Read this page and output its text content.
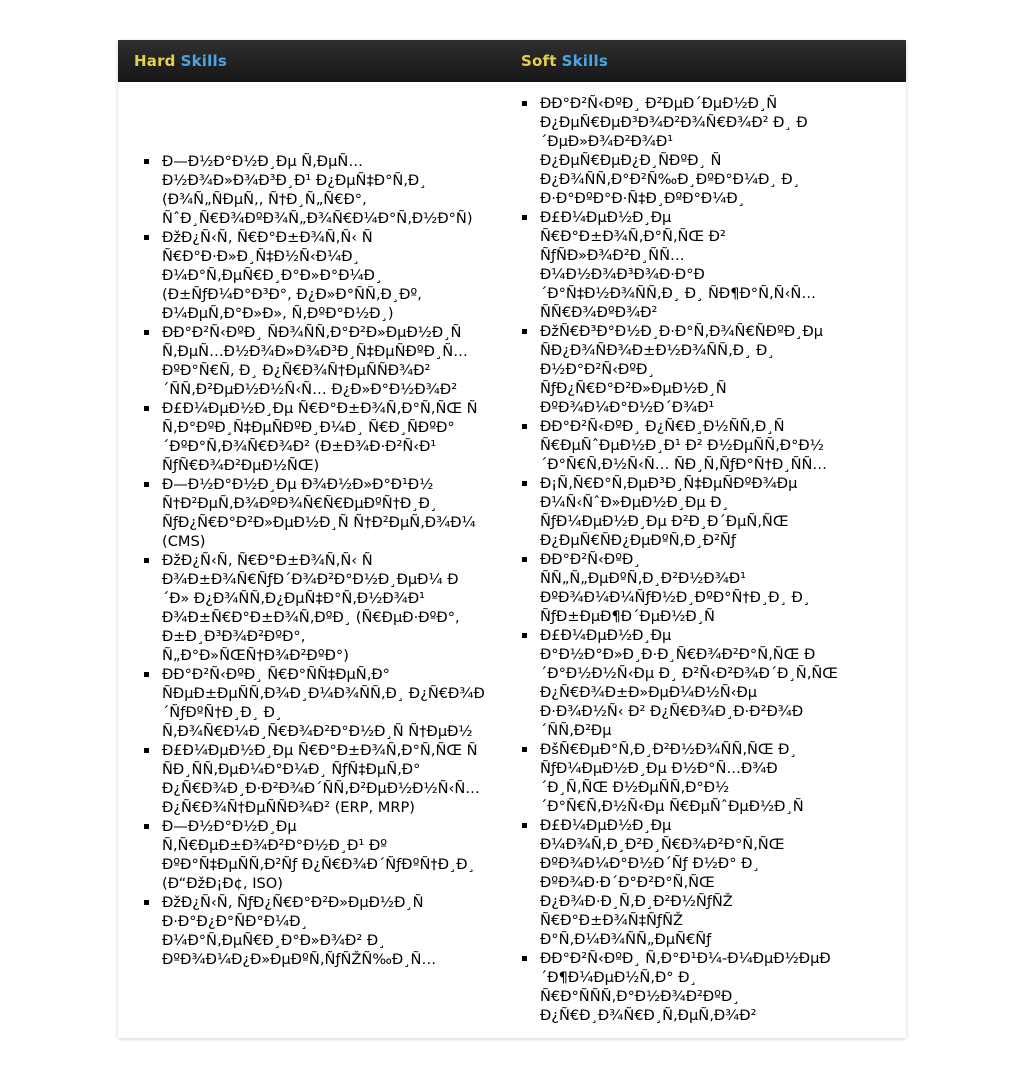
Hard Skills	Soft Skills
Ð—Ð½Ð°Ð½Ð¸Ðµ Ñ‚ÐµÑ…
Ð½Ð¾Ð»Ð¾Ð³Ð¸Ð¹ Ð¿ÐµÑ‡Ð°Ñ‚Ð¸
(Ð¾Ñ„ÑÐµÑ‚, Ñ†Ð¸Ñ„Ñ€Ð°,
ÑˆÐ¸Ñ€Ð¾ÐºÐ¾Ñ„Ð¾Ñ€Ð¼Ð°Ñ‚Ð½Ð°Ñ)
ÐžÐ¿Ñ‹Ñ‚ Ñ€Ð°Ð±Ð¾Ñ‚Ñ‹ Ñ
Ñ€Ð°Ð·Ð»Ð¸Ñ‡Ð½Ñ‹Ð¼Ð¸
Ð¼Ð°Ñ‚ÐµÑ€Ð¸Ð°Ð»Ð°Ð¼Ð¸
(Ð±ÑƒÐ¼Ð°Ð³Ð°, Ð¿Ð»Ð°ÑÑ‚Ð¸Ðº,
Ð¼ÐµÑ‚Ð°Ð»Ð», Ñ‚ÐºÐ°Ð½Ð¸)
ÐÐ°Ð²Ñ‹ÐºÐ¸ ÑÐ¾ÑÑ‚Ð°Ð²Ð»ÐµÐ½Ð¸Ñ
Ñ‚ÐµÑ…Ð½Ð¾Ð»Ð¾Ð³Ð¸Ñ‡ÐµÑÐºÐ¸Ñ…
ÐºÐ°Ñ€Ñ‚ Ð¸ Ð¿Ñ€Ð¾Ñ†ÐµÑÑÐ¾Ð²
´ÑÑ‚Ð²ÐµÐ½Ð½Ñ‹Ñ… Ð¿Ð»Ð°Ð½Ð¾Ð²
Ð£Ð¼ÐµÐ½Ð¸Ðµ Ñ€Ð°Ð±Ð¾Ñ‚Ð°Ñ‚ÑŒ Ñ
Ñ‚Ð°ÐºÐ¸Ñ‡ÐµÑÐºÐ¸Ð¼Ð¸ Ñ€Ð¸ÑÐºÐ°
´ÐºÐ°Ñ‚Ð¾Ñ€Ð¾Ð² (Ð±Ð¾Ð·Ð²Ñ‹Ð¹
ÑƒÑ€Ð¾Ð²ÐµÐ½ÑŒ)
Ð—Ð½Ð°Ð½Ð¸Ðµ Ð¾Ð½Ð»Ð°Ð¹Ð½
Ñ†Ð²ÐµÑ‚Ð¾ÐºÐ¾Ñ€Ñ€ÐµÐºÑ†Ð¸Ð¸
ÑƒÐ¿Ñ€Ð°Ð²Ð»ÐµÐ½Ð¸Ñ Ñ†Ð²ÐµÑ‚Ð¾Ð¼
(CMS)
ÐžÐ¿Ñ‹Ñ‚ Ñ€Ð°Ð±Ð¾Ñ‚Ñ‹ Ñ
Ð¾Ð±Ð¾Ñ€ÑƒÐ´Ð¾Ð²Ð°Ð½Ð¸ÐµÐ¼ Ð
´Ð» Ð¿Ð¾ÑÑ‚Ð¿ÐµÑ‡Ð°Ñ‚Ð½Ð¾Ð¹
Ð¾Ð±Ñ€Ð°Ð±Ð¾Ñ‚ÐºÐ¸ (Ñ€ÐµÐ·ÐºÐ°,
Ð±Ð¸Ð³Ð¾Ð²ÐºÐ°,
Ñ„Ð°Ð»ÑŒÑ†Ð¾Ð²ÐºÐ°)
ÐÐ°Ð²Ñ‹ÐºÐ¸ Ñ€Ð°ÑÑ‡ÐµÑ‚Ð°
ÑÐµÐ±ÐµÑÑ‚Ð¾Ð¸Ð¼Ð¾ÑÑ‚Ð¸ Ð¿Ñ€Ð¾Ð
´ÑƒÐºÑ†Ð¸Ð¸ Ð¸
Ñ‚Ð¾Ñ€Ð¼Ð¸Ñ€Ð¾Ð²Ð°Ð½Ð¸Ñ Ñ†ÐµÐ½
Ð£Ð¼ÐµÐ½Ð¸Ðµ Ñ€Ð°Ð±Ð¾Ñ‚Ð°Ñ‚ÑŒ Ñ
ÑÐ¸ÑÑ‚ÐµÐ¼Ð°Ð¼Ð¸ ÑƒÑ‡ÐµÑ‚Ð°
Ð¿Ñ€Ð¾Ð¸Ð·Ð²Ð¾Ð´ÑÑ‚Ð²ÐµÐ½Ð½Ñ‹Ñ…
Ð¿Ñ€Ð¾Ñ†ÐµÑÑÐ¾Ð² (ERP, MRP)
Ð—Ð½Ð°Ð½Ð¸Ðµ
Ñ‚Ñ€ÐµÐ±Ð¾Ð²Ð°Ð½Ð¸Ð¹ Ðº
ÐºÐ°Ñ‡ÐµÑÑ‚Ð²Ñƒ Ð¿Ñ€Ð¾Ð´ÑƒÐºÑ†Ð¸Ð¸
(Ð“ÐžÐ¡Ð¢, ISO)
ÐžÐ¿Ñ‹Ñ‚ ÑƒÐ¿Ñ€Ð°Ð²Ð»ÐµÐ½Ð¸Ñ
Ð·Ð°Ð¿Ð°ÑÐ°Ð¼Ð¸
Ð¼Ð°Ñ‚ÐµÑ€Ð¸Ð°Ð»Ð¾Ð² Ð¸
ÐºÐ¾Ð¼Ð¿Ð»ÐµÐºÑ‚ÑƒÑŽÑ‰Ð¸Ñ…
ÐÐ°Ð²Ñ‹ÐºÐ¸ Ð²ÐµÐ´ÐµÐ½Ð¸Ñ
Ð¿ÐµÑ€ÐµÐ³Ð¾Ð²Ð¾Ñ€Ð¾Ð² Ð¸ Ð
´ÐµÐ»Ð¾Ð²Ð¾Ð¹
Ð¿ÐµÑ€ÐµÐ¿Ð¸ÑÐºÐ¸ Ñ
Ð¿Ð¾ÑÑ‚Ð°Ð²Ñ‰Ð¸ÐºÐ°Ð¼Ð¸ Ð¸
Ð·Ð°ÐºÐ°Ð·Ñ‡Ð¸ÐºÐ°Ð¼Ð¸
Ð£Ð¼ÐµÐ½Ð¸Ðµ
Ñ€Ð°Ð±Ð¾Ñ‚Ð°Ñ‚ÑŒ Ð²
ÑƒÑÐ»Ð¾Ð²Ð¸ÑÑ…
Ð¼Ð½Ð¾Ð³Ð¾Ð·Ð°Ð
´Ð°Ñ‡Ð½Ð¾ÑÑ‚Ð¸ Ð¸ ÑÐ¶Ð°Ñ‚Ñ‹Ñ…
ÑÑ€Ð¾ÐºÐ¾Ð²
ÐžÑ€Ð³Ð°Ð½Ð¸Ð·Ð°Ñ‚Ð¾Ñ€ÑÐºÐ¸Ðµ
ÑÐ¿Ð¾ÑÐ¾Ð±Ð½Ð¾ÑÑ‚Ð¸ Ð¸
Ð½Ð°Ð²Ñ‹ÐºÐ¸
ÑƒÐ¿Ñ€Ð°Ð²Ð»ÐµÐ½Ð¸Ñ
ÐºÐ¾Ð¼Ð°Ð½Ð´Ð¾Ð¹
ÐÐ°Ð²Ñ‹ÐºÐ¸ Ð¿Ñ€Ð¸Ð½ÑÑ‚Ð¸Ñ
Ñ€ÐµÑˆÐµÐ½Ð¸Ð¹ Ð² Ð½ÐµÑÑ‚Ð°Ð½
´Ð°Ñ€Ñ‚Ð½Ñ‹Ñ… ÑÐ¸Ñ‚ÑƒÐ°Ñ†Ð¸ÑÑ…
Ð¡Ñ‚Ñ€Ð°Ñ‚ÐµÐ³Ð¸Ñ‡ÐµÑÐºÐ¾Ðµ
Ð¼Ñ‹ÑˆÐ»ÐµÐ½Ð¸Ðµ Ð¸
ÑƒÐ¼ÐµÐ½Ð¸Ðµ Ð²Ð¸Ð´ÐµÑ‚ÑŒ
Ð¿ÐµÑ€ÑÐ¿ÐµÐºÑ‚Ð¸Ð²Ñƒ
ÐÐ°Ð²Ñ‹ÐºÐ¸
ÑÑ„Ñ„ÐµÐºÑ‚Ð¸Ð²Ð½Ð¾Ð¹
ÐºÐ¾Ð¼Ð¼ÑƒÐ½Ð¸ÐºÐ°Ñ†Ð¸Ð¸ Ð¸
ÑƒÐ±ÐµÐ¶Ð´ÐµÐ½Ð¸Ñ
Ð£Ð¼ÐµÐ½Ð¸Ðµ
Ð°Ð½Ð°Ð»Ð¸Ð·Ð¸Ñ€Ð¾Ð²Ð°Ñ‚ÑŒ Ð
´Ð°Ð½Ð½Ñ‹Ðµ Ð¸ Ð²Ñ‹Ð²Ð¾Ð´Ð¸Ñ‚ÑŒ
Ð¿Ñ€Ð¾Ð±Ð»ÐµÐ¼Ð½Ñ‹Ðµ
Ð·Ð¾Ð½Ñ‹ Ð² Ð¿Ñ€Ð¾Ð¸Ð·Ð²Ð¾Ð
´ÑÑ‚Ð²Ðµ
ÐšÑ€ÐµÐ°Ñ‚Ð¸Ð²Ð½Ð¾ÑÑ‚ÑŒ Ð¸
ÑƒÐ¼ÐµÐ½Ð¸Ðµ Ð½Ð°Ñ…Ð¾Ð
´Ð¸Ñ‚ÑŒ Ð½ÐµÑÑ‚Ð°Ð½
´Ð°Ñ€Ñ‚Ð½Ñ‹Ðµ Ñ€ÐµÑˆÐµÐ½Ð¸Ñ
Ð£Ð¼ÐµÐ½Ð¸Ðµ
Ð¼Ð¾Ñ‚Ð¸Ð²Ð¸Ñ€Ð¾Ð²Ð°Ñ‚ÑŒ
ÐºÐ¾Ð¼Ð°Ð½Ð´Ñƒ Ð½Ð° Ð¸
ÐºÐ¾Ð·Ð´Ð°Ð²Ð°Ñ‚ÑŒ
Ð¿Ð¾Ð·Ð¸Ñ‚Ð¸Ð²Ð½ÑƒÑŽ
Ñ€Ð°Ð±Ð¾Ñ‡ÑƒÑŽ
Ð°Ñ‚Ð¼Ð¾ÑÑ„ÐµÑ€Ñƒ
ÐÐ°Ð²Ñ‹ÐºÐ¸ Ñ‚Ð°Ð¹Ð¼-Ð¼ÐµÐ½ÐµÐ
´Ð¶Ð¼ÐµÐ½Ñ‚Ð° Ð¸
Ñ€Ð°ÑÑÑ‚Ð°Ð½Ð¾Ð²ÐºÐ¸
Ð¿Ñ€Ð¸Ð¾Ñ€Ð¸Ñ‚ÐµÑ‚Ð¾Ð²
